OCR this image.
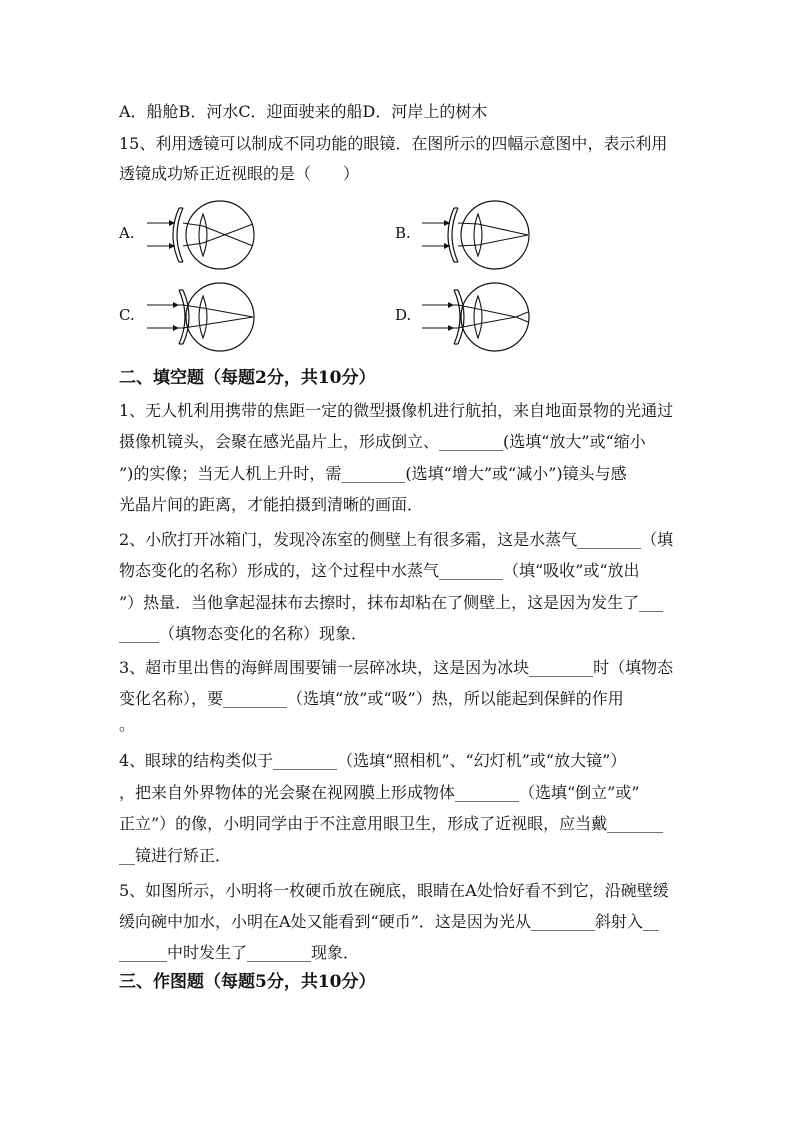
A．船舱B．河水C．迎面驶来的船D．河岸上的树木
15、利用透镜可以制成不同功能的眼镜．在图所示的四幅示意图中，表示利用
透镜成功矫正近视眼的是（　　）
A.	B.
C.	D.
二、填空题（每题2分，共10分）
1、无人机利用携带的焦距一定的微型摄像机进行航拍，来自地面景物的光通过
摄像机镜头，会聚在感光晶片上，形成倒立、________(选填“放大”或“缩小
”)的实像；当无人机上升时，需________(选填“增大”或“减小”)镜头与感
光晶片间的距离，才能拍摄到清晰的画面．
2、小欣打开冰箱门，发现冷冻室的侧壁上有很多霜，这是水蒸气________（填
物态变化的名称）形成的，这个过程中水蒸气________（填“吸收”或“放出
”）热量．当他拿起湿抹布去擦时，抹布却粘在了侧壁上，这是因为发生了___
_____（填物态变化的名称）现象．
3、超市里出售的海鲜周围要铺一层碎冰块，这是因为冰块________时（填物态
变化名称），要________（选填“放”或“吸”）热，所以能起到保鲜的作用
。
4、眼球的结构类似于________（选填“照相机”、“幻灯机”或“放大镜”）
，把来自外界物体的光会聚在视网膜上形成物体________（选填“倒立”或”
正立”）的像，小明同学由于不注意用眼卫生，形成了近视眼，应当戴_______
__镜进行矫正．
5、如图所示，小明将一枚硬币放在碗底，眼睛在A处恰好看不到它，沿碗壁缓
缓向碗中加水，小明在A处又能看到“硬币”．这是因为光从________斜射入__
______中时发生了________现象．
三、作图题（每题5分，共10分）
